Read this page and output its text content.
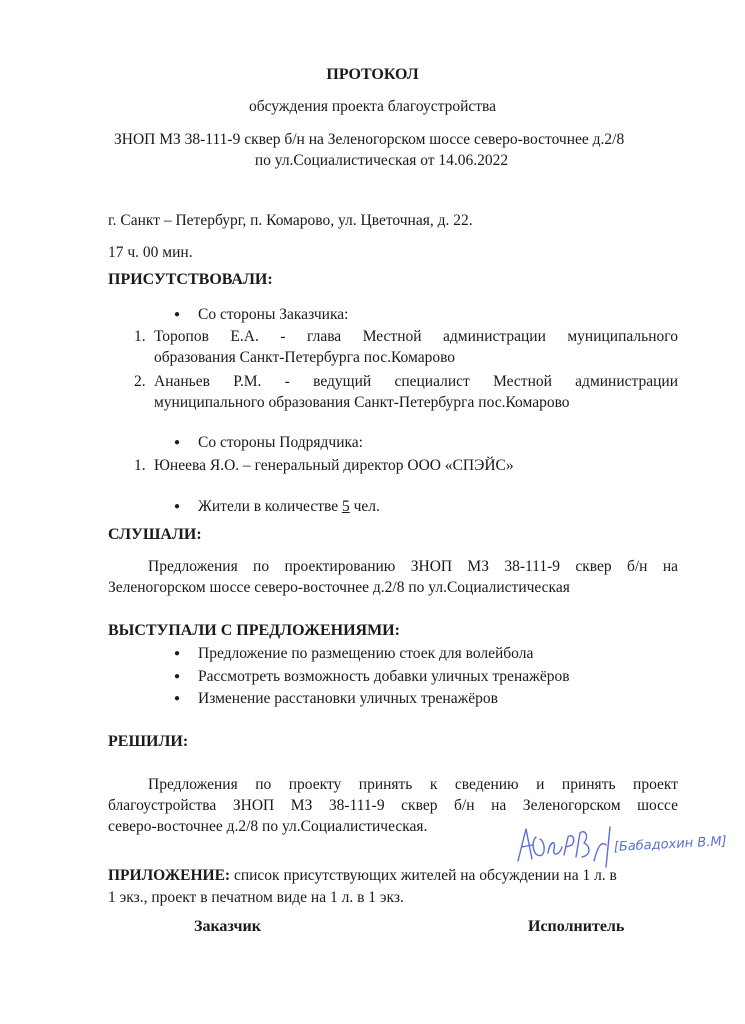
ПРОТОКОЛ
обсуждения проекта благоустройства
ЗНОП МЗ 38-111-9 сквер б/н на Зеленогорском шоссе северо-восточнее д.2/8
по ул.Социалистическая от 14.06.2022
г. Санкт – Петербург, п. Комарово, ул. Цветочная, д. 22.
17 ч. 00 мин.
ПРИСУТСТВОВАЛИ:
● Со стороны Заказчика:
1. Торопов Е.А. - глава Местной администрации муниципального
образования Санкт-Петербурга пос.Комарово
2. Ананьев Р.М. - ведущий специалист Местной администрации
муниципального образования Санкт-Петербурга пос.Комарово
● Со стороны Подрядчика:
1. Юнеева Я.О. – генеральный директор ООО «СПЭЙС»
● Жители в количестве 5 чел.
СЛУШАЛИ:
Предложения по проектированию ЗНОП МЗ 38-111-9 сквер б/н на
Зеленогорском шоссе северо-восточнее д.2/8 по ул.Социалистическая
ВЫСТУПАЛИ С ПРЕДЛОЖЕНИЯМИ:
● Предложение по размещению стоек для волейбола
● Рассмотреть возможность добавки уличных тренажёров
● Изменение расстановки уличных тренажёров
РЕШИЛИ:
Предложения по проекту принять к сведению и принять проект
благоустройства ЗНОП МЗ 38-111-9 сквер б/н на Зеленогорском шоссе
северо-восточнее д.2/8 по ул.Социалистическая.
[Бабадохин В.М]
ПРИЛОЖЕНИЕ: список присутствующих жителей на обсуждении на 1 л. в
1 экз., проект в печатном виде на 1 л. в 1 экз.
Заказчик	Исполнитель
